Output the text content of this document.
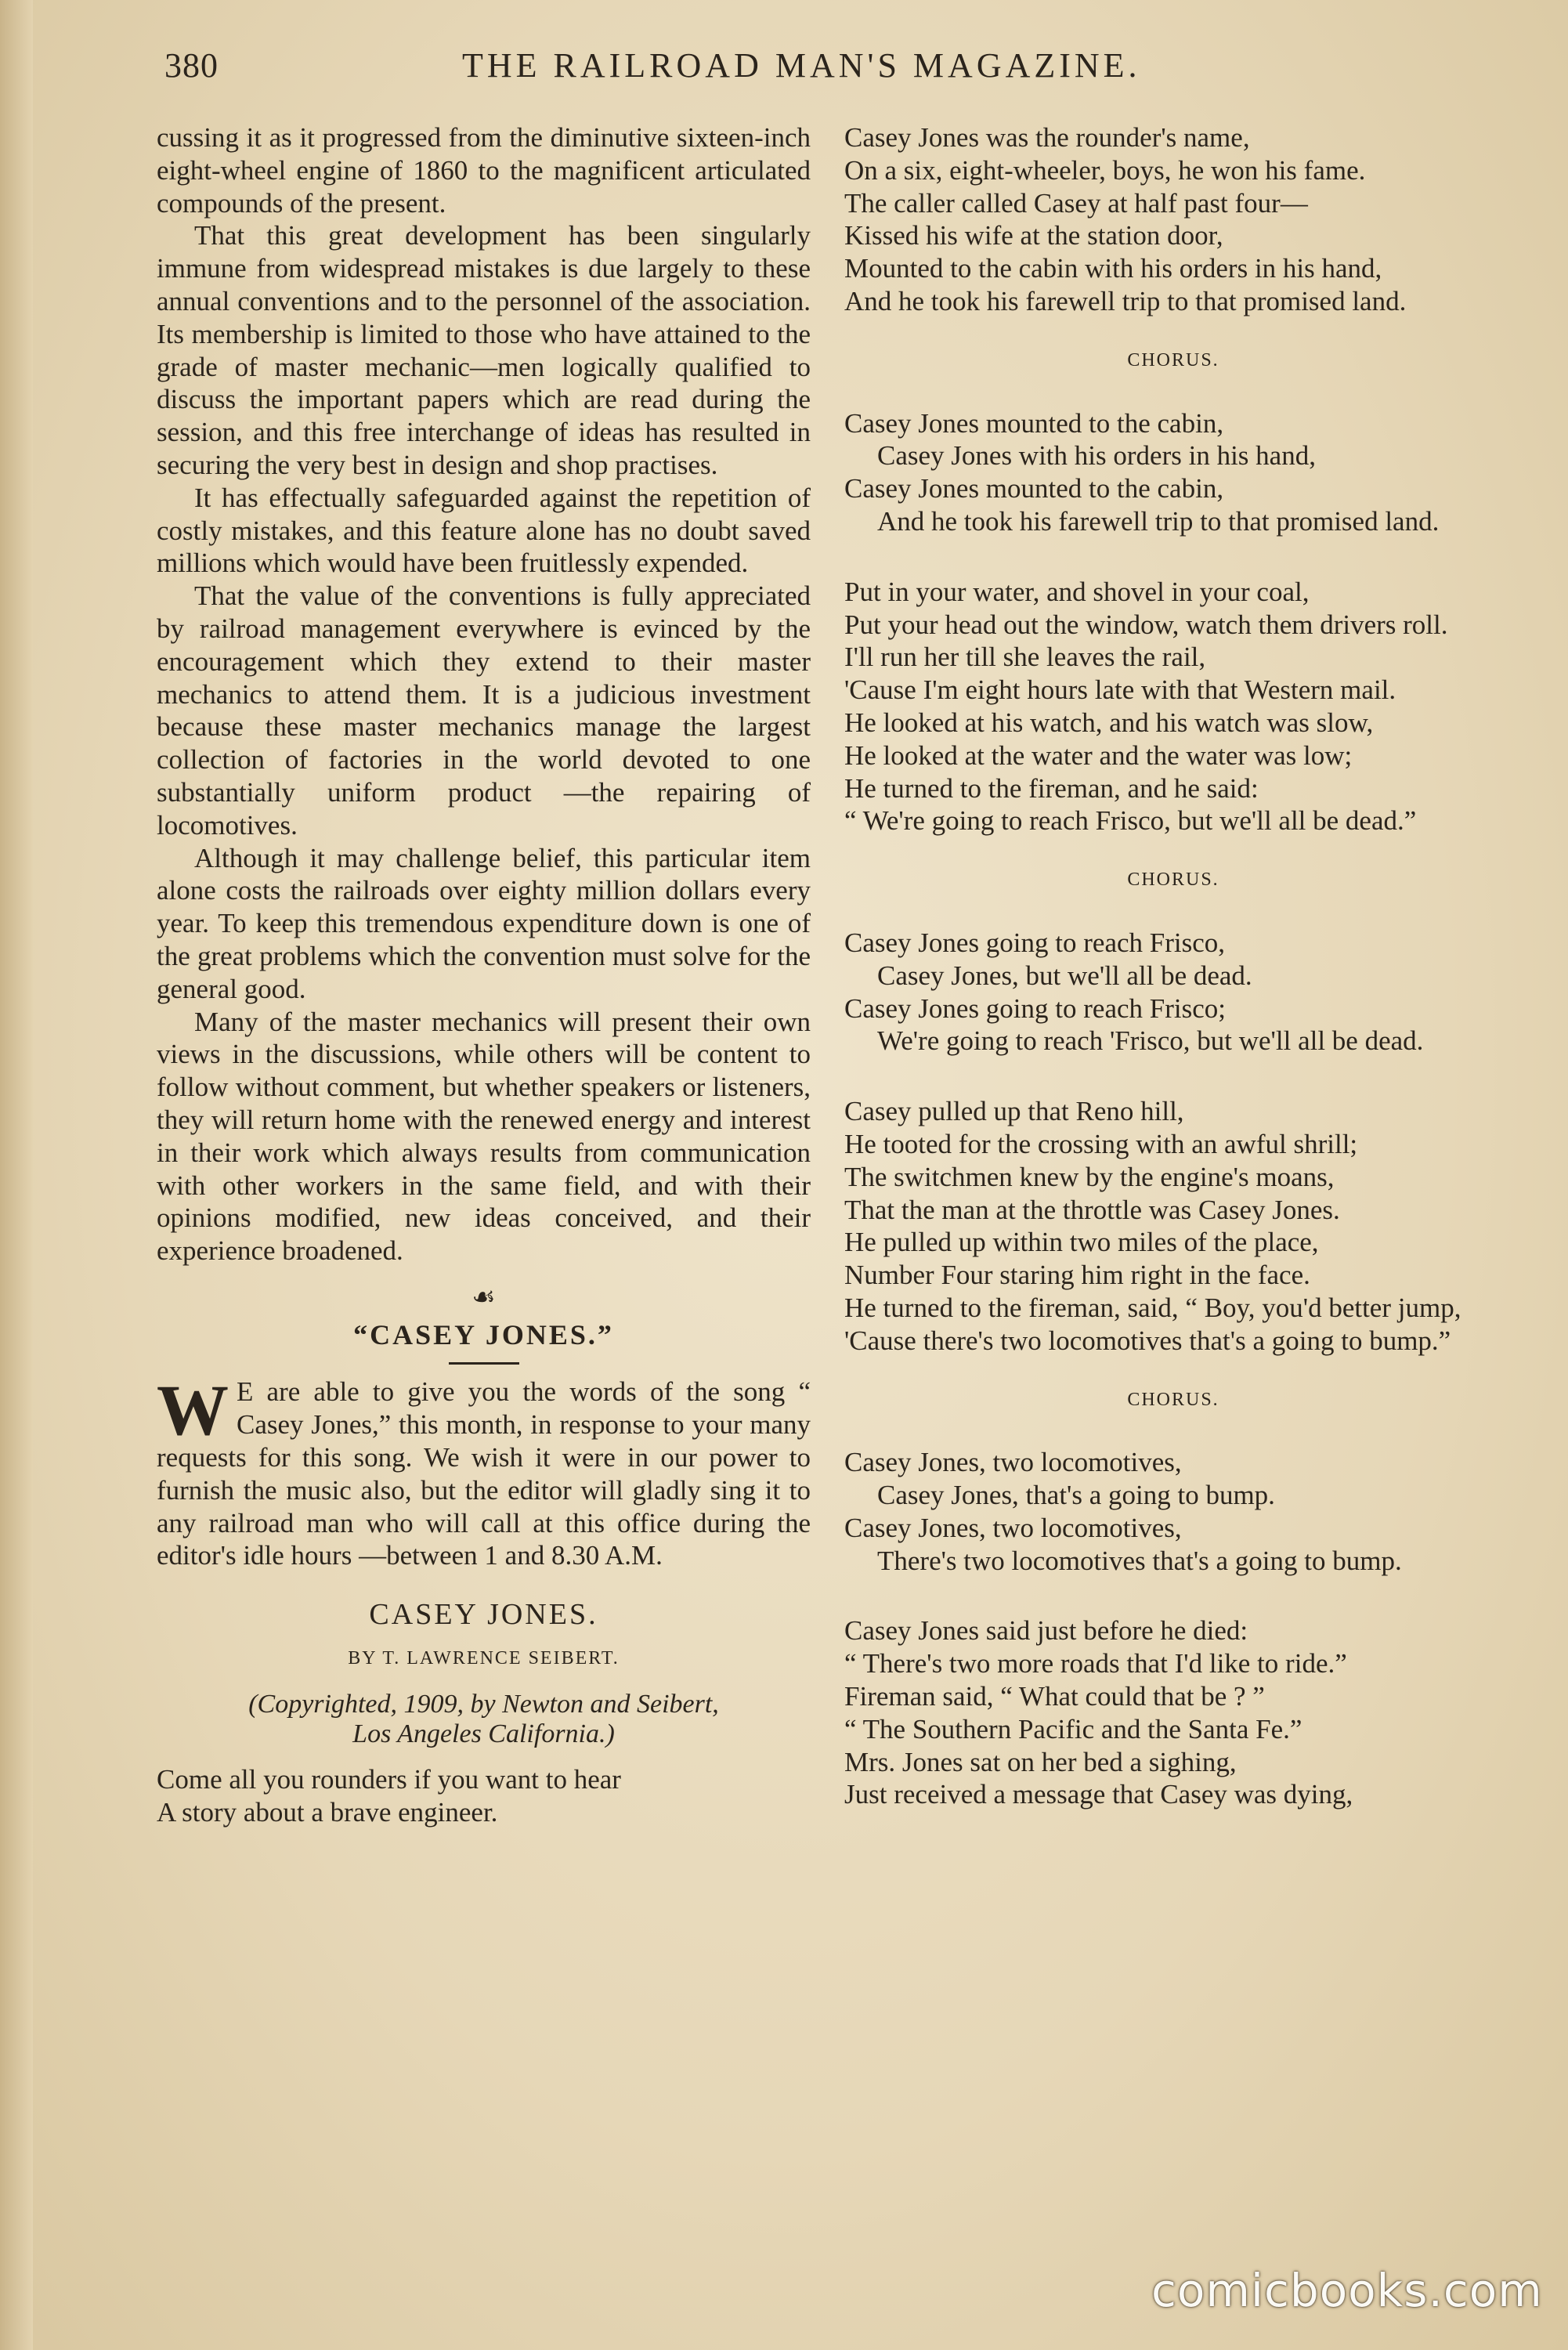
380	THE RAILROAD MAN'S MAGAZINE.

cussing it as it progressed from the diminutive sixteen-inch eight-wheel engine of 1860 to the magnificent articulated compounds of the present.

That this great development has been singularly immune from widespread mistakes is due largely to these annual conventions and to the personnel of the association. Its membership is limited to those who have attained to the grade of master mechanic—men logically qualified to discuss the important papers which are read during the session, and this free interchange of ideas has resulted in securing the very best in design and shop practises.

It has effectually safeguarded against the repetition of costly mistakes, and this feature alone has no doubt saved millions which would have been fruitlessly expended.

That the value of the conventions is fully appreciated by railroad management everywhere is evinced by the encouragement which they extend to their master mechanics to attend them. It is a judicious investment because these master mechanics manage the largest collection of factories in the world devoted to one substantially uniform product —the repairing of locomotives.

Although it may challenge belief, this particular item alone costs the railroads over eighty million dollars every year. To keep this tremendous expenditure down is one of the great problems which the convention must solve for the general good.

Many of the master mechanics will present their own views in the discussions, while others will be content to follow without comment, but whether speakers or listeners, they will return home with the renewed energy and interest in their work which always results from communication with other workers in the same field, and with their opinions modified, new ideas conceived, and their experience broadened.

☙
“CASEY JONES.”

W E are able to give you the words of the song “ Casey Jones,” this month, in response to your many requests for this song. We wish it were in our power to furnish the music also, but the editor will gladly sing it to any railroad man who will call at this office during the editor's idle hours —between 1 and 8.30 A.M.

CASEY JONES.
BY T. LAWRENCE SEIBERT.
(Copyrighted, 1909, by Newton and Seibert,
Los Angeles California.)

Come all you rounders if you want to hear

A story about a brave engineer.

Casey Jones was the rounder's name,

On a six, eight-wheeler, boys, he won his fame.

The caller called Casey at half past four—

Kissed his wife at the station door,

Mounted to the cabin with his orders in his hand,

And he took his farewell trip to that promised land.

CHORUS.

Casey Jones mounted to the cabin,

Casey Jones with his orders in his hand,

Casey Jones mounted to the cabin,

And he took his farewell trip to that promised land.

Put in your water, and shovel in your coal,

Put your head out the window, watch them drivers roll.

I'll run her till she leaves the rail,

'Cause I'm eight hours late with that Western mail.

He looked at his watch, and his watch was slow,

He looked at the water and the water was low;

He turned to the fireman, and he said:

“ We're going to reach Frisco, but we'll all be dead.”

CHORUS.

Casey Jones going to reach Frisco,

Casey Jones, but we'll all be dead.

Casey Jones going to reach Frisco;

We're going to reach 'Frisco, but we'll all be dead.

Casey pulled up that Reno hill,

He tooted for the crossing with an awful shrill;

The switchmen knew by the engine's moans,

That the man at the throttle was Casey Jones.

He pulled up within two miles of the place,

Number Four staring him right in the face.

He turned to the fireman, said, “ Boy, you'd better jump,

'Cause there's two locomotives that's a going to bump.”

CHORUS.

Casey Jones, two locomotives,

Casey Jones, that's a going to bump.

Casey Jones, two locomotives,

There's two locomotives that's a going to bump.

Casey Jones said just before he died:

“ There's two more roads that I'd like to ride.”

Fireman said, “ What could that be ? ”

“ The Southern Pacific and the Santa Fe.”

Mrs. Jones sat on her bed a sighing,

Just received a message that Casey was dying,

comicbooks.com
